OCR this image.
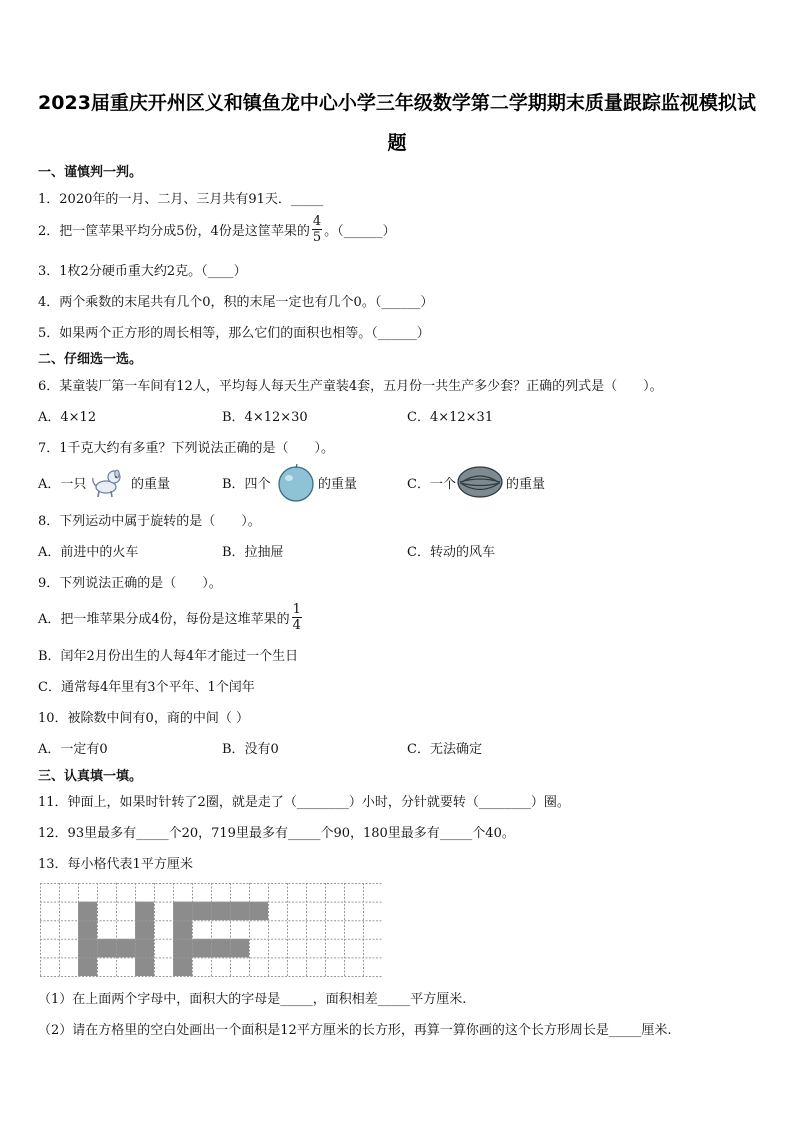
2023届重庆开州区义和镇鱼龙中心小学三年级数学第二学期期末质量跟踪监视模拟试
题
一、谨慎判一判。
1．2020年的一月、二月、三月共有91天．_____
2．把一筐苹果平均分成5份，4份是这筐苹果的 $\frac{4}{5}$ 。（______）
3．1枚2分硬币重大约2克。（____）
4．两个乘数的末尾共有几个0，积的末尾一定也有几个0。（______）
5．如果两个正方形的周长相等，那么它们的面积也相等。（______）
二、仔细选一选。
6．某童装厂第一车间有12人，平均每人每天生产童装4套，五月份一共生产多少套？正确的列式是（　　）。
A．4×12	B．4×12×30	C．4×12×31
7．1千克大约有多重？下列说法正确的是（　　）。
A．一只	的重量	B．四个	的重量	C．一个	的重量
8．下列运动中属于旋转的是（　　）。
A．前进中的火车	B．拉抽屉	C．转动的风车
9．下列说法正确的是（　　）。
A．把一堆苹果分成4份，每份是这堆苹果的 $\frac{1}{4}$
B．闰年2月份出生的人每4年才能过一个生日
C．通常每4年里有3个平年、1个闰年
10．被除数中间有0，商的中间（ ）
A．一定有0	B．没有0	C．无法确定
三、认真填一填。
11．钟面上，如果时针转了2圈，就是走了（________）小时，分针就要转（________）圈。
12．93里最多有_____个20，719里最多有_____个90，180里最多有_____个40。
13．每小格代表1平方厘米
（1）在上面两个字母中，面积大的字母是_____，面积相差_____平方厘米.
（2）请在方格里的空白处画出一个面积是12平方厘米的长方形，再算一算你画的这个长方形周长是_____厘米.
